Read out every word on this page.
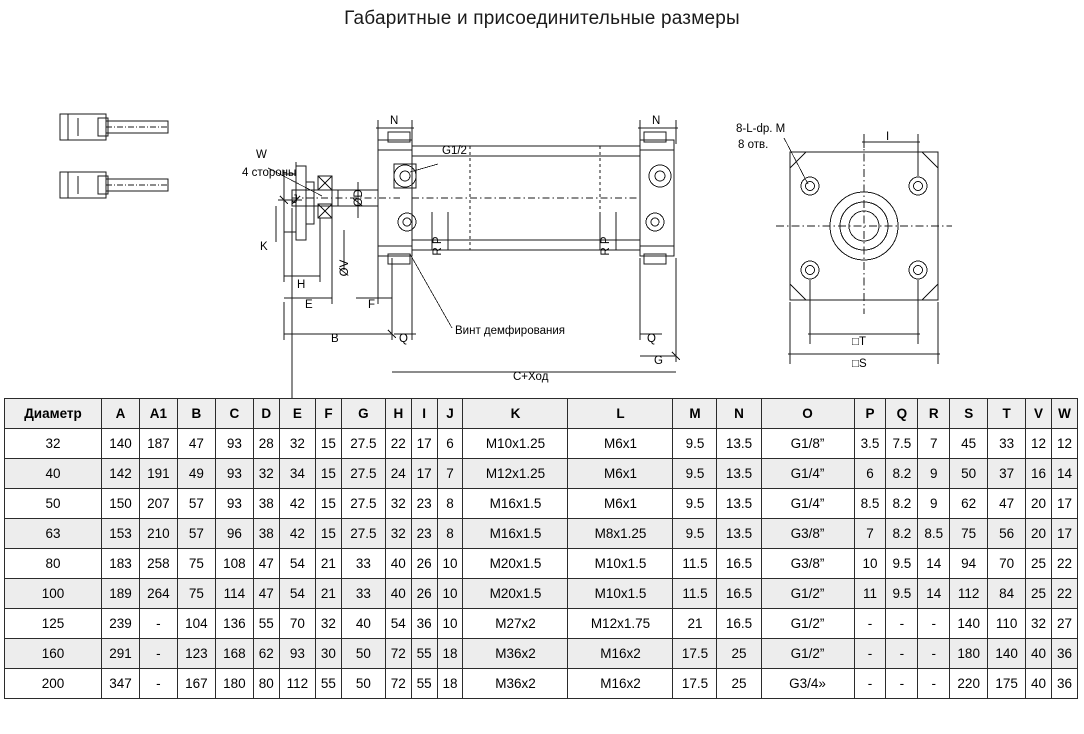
Габаритные и присоединительные размеры
W
4 стороны
J
K
H
E	F
B	Q	Q
G
N	N
G1/2
Винт демфирования
C+Ход
8-L-dp. M
8 отв.
I
□T
□S
ØD
ØV
R P	R P
Диаметр	A	A1	B	C	D	E	F	G	H	I	J	K	L	M	N	O	P	Q	R	S	T	V	W
32	140	187	47	93	28	32	15	27.5	22	17	6	M10x1.25	M6x1	9.5	13.5	G1/8”	3.5	7.5	7	45	33	12	12
40	142	191	49	93	32	34	15	27.5	24	17	7	M12x1.25	M6x1	9.5	13.5	G1/4”	6	8.2	9	50	37	16	14
50	150	207	57	93	38	42	15	27.5	32	23	8	M16x1.5	M6x1	9.5	13.5	G1/4”	8.5	8.2	9	62	47	20	17
63	153	210	57	96	38	42	15	27.5	32	23	8	M16x1.5	M8x1.25	9.5	13.5	G3/8”	7	8.2	8.5	75	56	20	17
80	183	258	75	108	47	54	21	33	40	26	10	M20x1.5	M10x1.5	11.5	16.5	G3/8”	10	9.5	14	94	70	25	22
100	189	264	75	114	47	54	21	33	40	26	10	M20x1.5	M10x1.5	11.5	16.5	G1/2”	11	9.5	14	112	84	25	22
125	239	-	104	136	55	70	32	40	54	36	10	M27x2	M12x1.75	21	16.5	G1/2”	-	-	-	140	110	32	27
160	291	-	123	168	62	93	30	50	72	55	18	M36x2	M16x2	17.5	25	G1/2”	-	-	-	180	140	40	36
200	347	-	167	180	80	112	55	50	72	55	18	M36x2	M16x2	17.5	25	G3/4»	-	-	-	220	175	40	36
